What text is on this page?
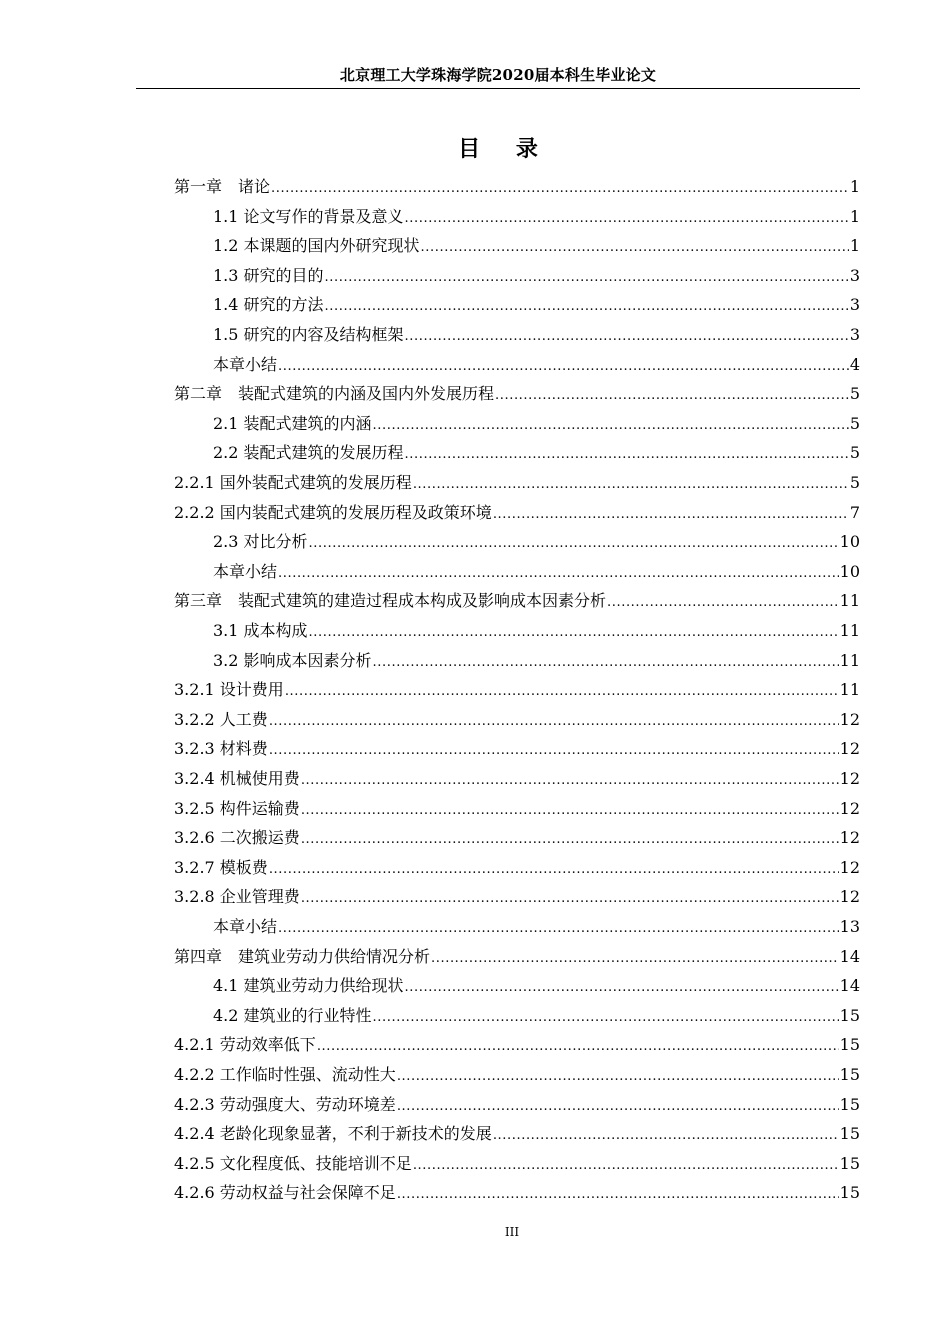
北京理工大学珠海学院2020届本科生毕业论文
目 录
第一章　诸论 .....	1
1.1 论文写作的背景及意义 .....	1
1.2 本课题的国内外研究现状 .....	1
1.3 研究的目的 .....	3
1.4 研究的方法 .....	3
1.5 研究的内容及结构框架 .....	3
本章小结 .....	4
第二章　装配式建筑的内涵及国内外发展历程 .....	5
2.1 装配式建筑的内涵 .....	5
2.2 装配式建筑的发展历程 .....	5
2.2.1 国外装配式建筑的发展历程 .....	5
2.2.2 国内装配式建筑的发展历程及政策环境 .....	7
2.3 对比分析 .....	10
本章小结 .....	10
第三章　装配式建筑的建造过程成本构成及影响成本因素分析 .....	11
3.1 成本构成 .....	11
3.2 影响成本因素分析 .....	11
3.2.1 设计费用 .....	11
3.2.2 人工费 .....	12
3.2.3 材料费 .....	12
3.2.4 机械使用费 .....	12
3.2.5 构件运输费 .....	12
3.2.6 二次搬运费 .....	12
3.2.7 模板费 .....	12
3.2.8 企业管理费 .....	12
本章小结 .....	13
第四章　建筑业劳动力供给情况分析 .....	14
4.1 建筑业劳动力供给现状 .....	14
4.2 建筑业的行业特性 .....	15
4.2.1 劳动效率低下 .....	15
4.2.2 工作临时性强、流动性大 .....	15
4.2.3 劳动强度大、劳动环境差 .....	15
4.2.4 老龄化现象显著，不利于新技术的发展 .....	15
4.2.5 文化程度低、技能培训不足 .....	15
4.2.6 劳动权益与社会保障不足 .....	15
III
